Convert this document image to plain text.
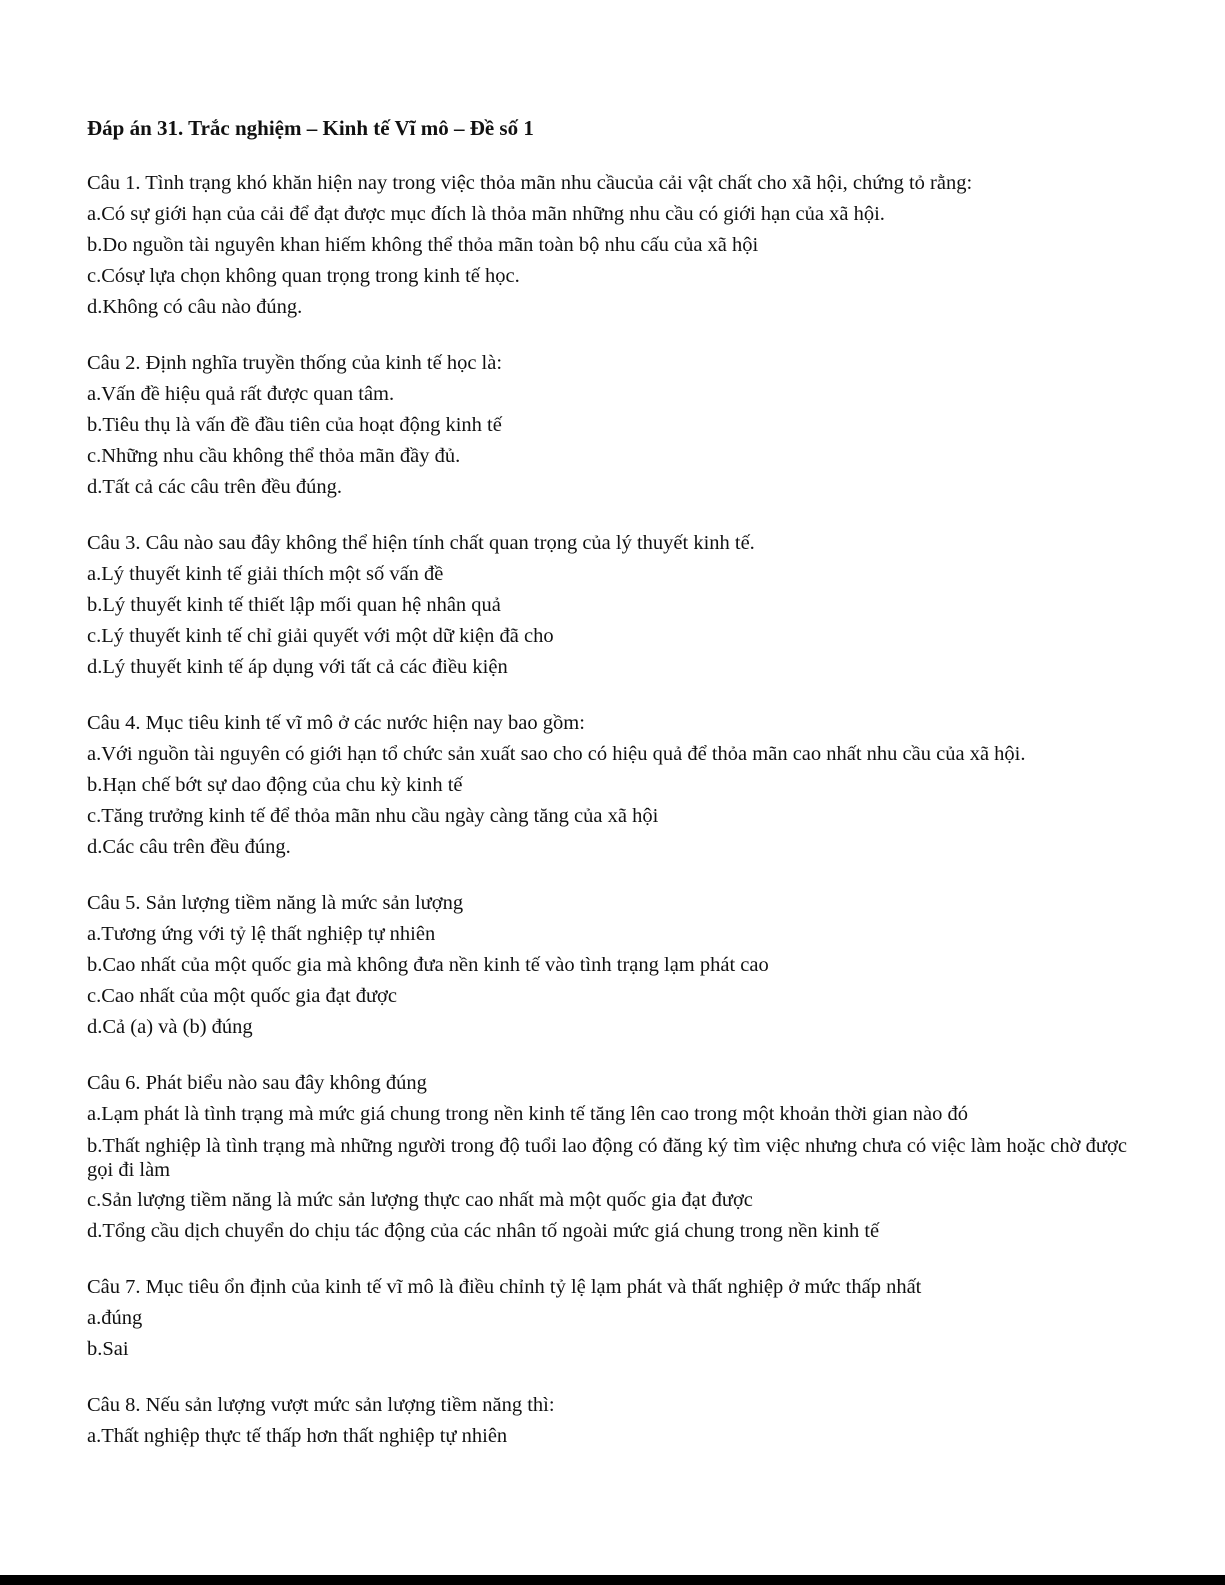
Đáp án 31. Trắc nghiệm – Kinh tế Vĩ mô – Đề số 1
Câu 1. Tình trạng khó khăn hiện nay trong việc thỏa mãn nhu cầucủa cải vật chất cho xã hội, chứng tỏ rằng:
a.Có sự giới hạn của cải để đạt được mục đích là thỏa mãn những nhu cầu có giới hạn của xã hội.
b.Do nguồn tài nguyên khan hiếm không thể thỏa mãn toàn bộ nhu cấu của xã hội
c.Cósự lựa chọn không quan trọng trong kinh tế học.
d.Không có câu nào đúng.
Câu 2. Định nghĩa truyền thống của kinh tế học là:
a.Vấn đề hiệu quả rất được quan tâm.
b.Tiêu thụ là vấn đề đầu tiên của hoạt động kinh tế
c.Những nhu cầu không thể thỏa mãn đầy đủ.
d.Tất cả các câu trên đều đúng.
Câu 3. Câu nào sau đây không thể hiện tính chất quan trọng của lý thuyết kinh tế.
a.Lý thuyết kinh tế giải thích một số vấn đề
b.Lý thuyết kinh tế thiết lập mối quan hệ nhân quả
c.Lý thuyết kinh tế chỉ giải quyết với một dữ kiện đã cho
d.Lý thuyết kinh tế áp dụng với tất cả các điều kiện
Câu 4. Mục tiêu kinh tế vĩ mô ở các nước hiện nay bao gồm:
a.Với nguồn tài nguyên có giới hạn tổ chức sản xuất sao cho có hiệu quả để thỏa mãn cao nhất nhu cầu của xã hội.
b.Hạn chế bớt sự dao động của chu kỳ kinh tế
c.Tăng trưởng kinh tế để thỏa mãn nhu cầu ngày càng tăng của xã hội
d.Các câu trên đều đúng.
Câu 5. Sản lượng tiềm năng là mức sản lượng
a.Tương ứng với tỷ lệ thất nghiệp tự nhiên
b.Cao nhất của một quốc gia mà không đưa nền kinh tế vào tình trạng lạm phát cao
c.Cao nhất của một quốc gia đạt được
d.Cả (a) và (b) đúng
Câu 6. Phát biểu nào sau đây không đúng
a.Lạm phát là tình trạng mà mức giá chung trong nền kinh tế tăng lên cao trong một khoản thời gian nào đó
b.Thất nghiệp là tình trạng mà những người trong độ tuổi lao động có đăng ký tìm việc nhưng chưa có việc làm hoặc chờ được gọi đi làm
c.Sản lượng tiềm năng là mức sản lượng thực cao nhất mà một quốc gia đạt được
d.Tổng cầu dịch chuyển do chịu tác động của các nhân tố ngoài mức giá chung trong nền kinh tế
Câu 7. Mục tiêu ổn định của kinh tế vĩ mô là điều chỉnh tỷ lệ lạm phát và thất nghiệp ở mức thấp nhất
a.đúng
b.Sai
Câu 8. Nếu sản lượng vượt mức sản lượng tiềm năng thì:
a.Thất nghiệp thực tế thấp hơn thất nghiệp tự nhiên
